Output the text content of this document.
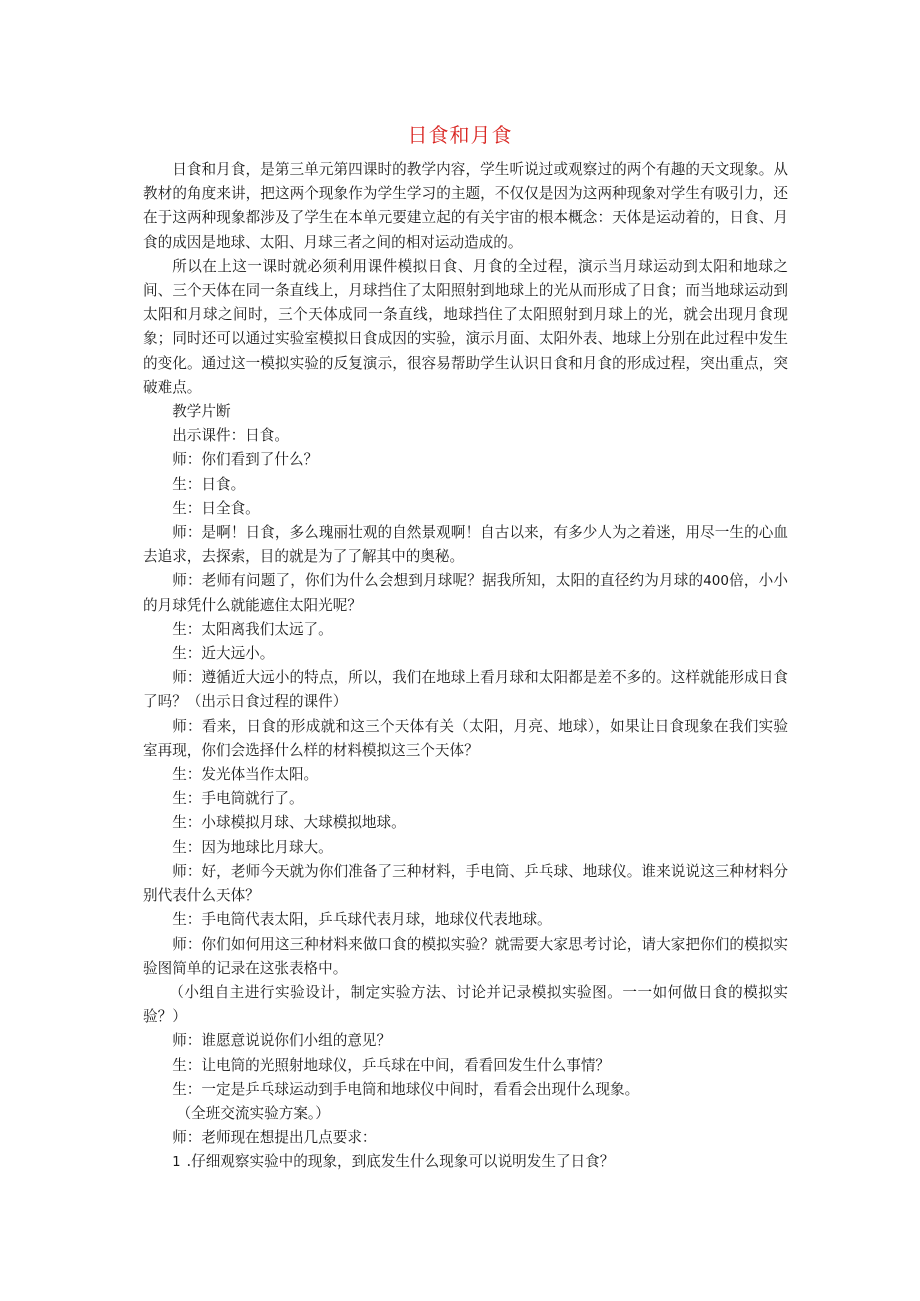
日食和月食

日食和月食，是第三单元第四课时的教学内容，学生听说过或观察过的两个有趣的天文现象。从教材的角度来讲，把这两个现象作为学生学习的主题，不仅仅是因为这两种现象对学生有吸引力，还在于这两种现象都涉及了学生在本单元要建立起的有关宇宙的根本概念：天体是运动着的，日食、月食的成因是地球、太阳、月球三者之间的相对运动造成的。

所以在上这一课时就必须利用课件模拟日食、月食的全过程，演示当月球运动到太阳和地球之间、三个天体在同一条直线上，月球挡住了太阳照射到地球上的光从而形成了日食；而当地球运动到太阳和月球之间时，三个天体成同一条直线，地球挡住了太阳照射到月球上的光，就会出现月食现象；同时还可以通过实验室模拟日食成因的实验，演示月面、太阳外表、地球上分别在此过程中发生的变化。通过这一模拟实验的反复演示，很容易帮助学生认识日食和月食的形成过程，突出重点，突破难点。

教学片断

出示课件：日食。

师：你们看到了什么？

生：日食。

生：日全食。

师：是啊！日食，多么瑰丽壮观的自然景观啊！自古以来，有多少人为之着迷，用尽一生的心血去追求，去探索，目的就是为了了解其中的奥秘。

师：老师有问题了，你们为什么会想到月球呢？据我所知，太阳的直径约为月球的400倍，小小的月球凭什么就能遮住太阳光呢？

生：太阳离我们太远了。

生：近大远小。

师：遵循近大远小的特点，所以，我们在地球上看月球和太阳都是差不多的。这样就能形成日食了吗？（出示日食过程的课件）

师：看来，日食的形成就和这三个天体有关（太阳，月亮、地球），如果让日食现象在我们实验室再现，你们会选择什么样的材料模拟这三个天体？

生：发光体当作太阳。

生：手电筒就行了。

生：小球模拟月球、大球模拟地球。

生：因为地球比月球大。

师：好，老师今天就为你们准备了三种材料，手电筒、乒乓球、地球仪。谁来说说这三种材料分别代表什么天体？

生：手电筒代表太阳，乒乓球代表月球，地球仪代表地球。

师：你们如何用这三种材料来做口食的模拟实验？就需要大家思考讨论，请大家把你们的模拟实验图简单的记录在这张表格中。

（小组自主进行实验设计，制定实验方法、讨论并记录模拟实验图。一一如何做日食的模拟实验？）

师：谁愿意说说你们小组的意见？

生：让电筒的光照射地球仪，乒乓球在中间，看看回发生什么事情？

生：一定是乒乓球运动到手电筒和地球仪中间时，看看会出现什么现象。

（全班交流实验方案。）

师：老师现在想提出几点要求：

1 .仔细观察实验中的现象，到底发生什么现象可以说明发生了日食？
